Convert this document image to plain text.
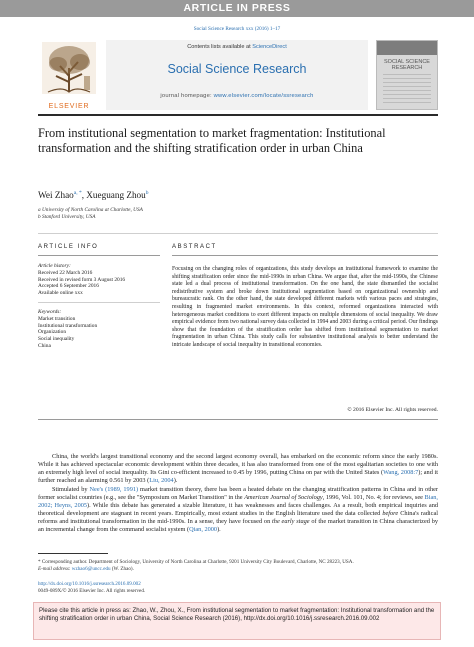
ARTICLE IN PRESS
Social Science Research xxx (2016) 1–17
ELSEVIER
Contents lists available at ScienceDirect
Social Science Research
journal homepage: www.elsevier.com/locate/ssresearch
SOCIAL SCIENCE RESEARCH
From institutional segmentation to market fragmentation: Institutional transformation and the shifting stratification order in urban China
Wei Zhao$^{a, *}$, Xueguang Zhou$^b$
a University of North Carolina at Charlotte, USA
b Stanford University, USA
ARTICLE INFO	ABSTRACT
Article history:
Received 22 March 2016
Received in revised form 3 August 2016
Accepted 6 September 2016
Available online xxx
Keywords:
Market transition
Institutional transformation
Organization
Social inequality
China
Focusing on the changing roles of organizations, this study develops an institutional framework to examine the shifting stratification order since the mid-1990s in urban China. We argue that, after the mid-1990s, the Chinese state led a dual process of institutional transformation. On the one hand, the state dismantled the socialist redistributive system and broke down institutional segmentation based on organizational ownership and bureaucratic rank. On the other hand, the state developed different markets with various paces and strategies, resulting in fragmented market environments. In this context, reformed organizations interacted with heterogeneous market conditions to exert different impacts on multiple dimensions of social inequality. We draw empirical evidence from two national survey data collected in 1994 and 2003 during a critical period. Our findings show that the foundation of the stratification order has shifted from institutional segmentation to market fragmentation in urban China. This study calls for substantive institutional analysis to better understand the intricate landscape of social inequality in transitional economies.
© 2016 Elsevier Inc. All rights reserved.
China, the world's largest transitional economy and the second largest economy overall, has embarked on the economic reform since the early 1980s. While it has achieved spectacular economic development within three decades, it has also transformed from one of the most egalitarian societies to one with an extremely high level of social inequality. Its Gini co-efficient increased to 0.45 by 1996, putting China on par with the United States (Wang, 2008:7); and it further reached an alarming 0.561 by 2003 (Liu, 2004).
Stimulated by Nee's (1989, 1991) market transition theory, there has been a heated debate on the changing stratification patterns in China and in other former socialist countries (e.g., see the "Symposium on Market Transition" in the American Journal of Sociology, 1996, Vol. 101, No. 4; for reviews, see Bian, 2002; Heyns, 2005). While this debate has generated a sizable literature, it has weaknesses and faces challenges. As a result, both empirical inquiries and theoretical development are stagnant in recent years. Empirically, most extant studies in the English literature used the data collected before China's radical reforms and institutional transformation in the mid-1990s. In a sense, they have focused on the early stage of the market transition in China characterized by an incremental change from the command socialist system (Qian, 2000).
* Corresponding author. Department of Sociology, University of North Carolina at Charlotte, 9201 University City Boulevard, Charlotte, NC 28223, USA.
E-mail address: wzhao6@uncc.edu (W. Zhao).
http://dx.doi.org/10.1016/j.ssresearch.2016.09.002
0049-089X/© 2016 Elsevier Inc. All rights reserved.
Please cite this article in press as: Zhao, W., Zhou, X., From institutional segmentation to market fragmentation: Institutional transformation and the shifting stratification order in urban China, Social Science Research (2016), http://dx.doi.org/10.1016/j.ssresearch.2016.09.002
